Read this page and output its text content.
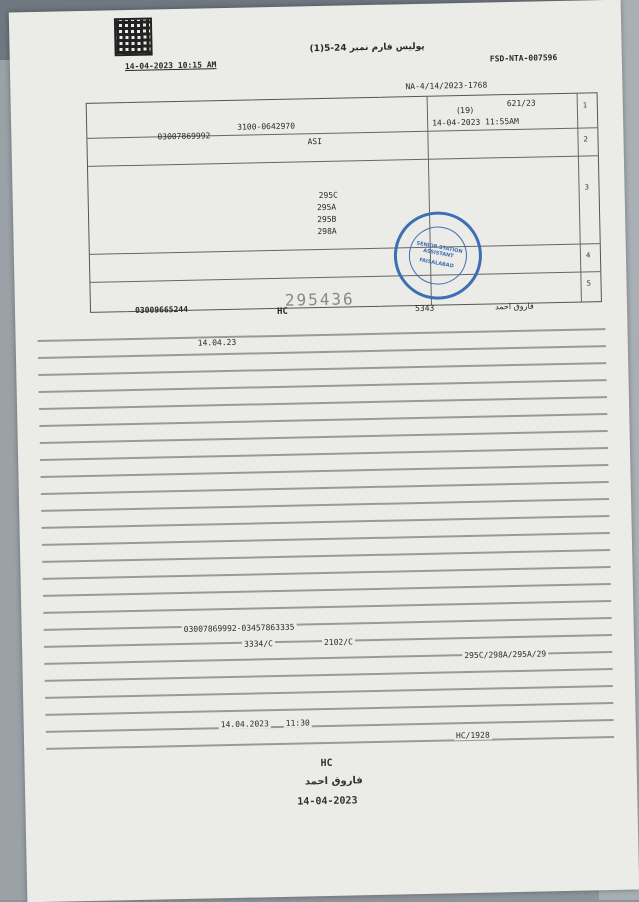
FSD-NTA-007596
پولیس فارم نمبر 24-5(1)
14-04-2023 10:15 AM
NA-4/14/2023-1768
1
2
3
4
5
621/23
(19)
14-04-2023 11:55AM
03007869992
3100-0642970
ASI
295C
295A
295B
298A
SENIOR STATION ASSISTANT
FAISALABAD
HC	5343	فاروق احمد
295436
03009665244
14.04.23
295C/298A/295A/29
2102/C
3334/C
03007869992-03457863335
11:30
14.04.2023
HC/1928
فاروق احمد
HC
14-04-2023
